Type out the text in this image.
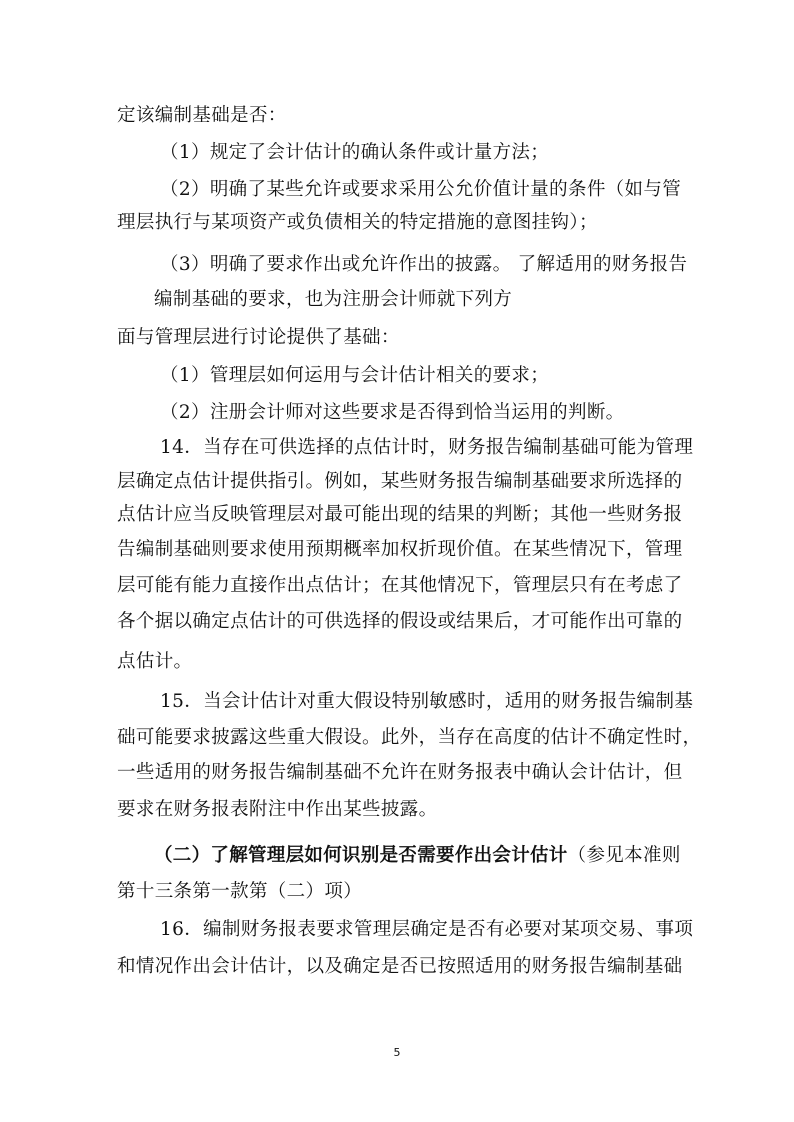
定该编制基础是否：
（1）规定了会计估计的确认条件或计量方法；
（2）明确了某些允许或要求采用公允价值计量的条件（如与管
理层执行与某项资产或负债相关的特定措施的意图挂钩）；
（3）明确了要求作出或允许作出的披露。 了解适用的财务报告
编制基础的要求，也为注册会计师就下列方
面与管理层进行讨论提供了基础：
（1）管理层如何运用与会计估计相关的要求；
（2）注册会计师对这些要求是否得到恰当运用的判断。
14．当存在可供选择的点估计时，财务报告编制基础可能为管理
层确定点估计提供指引。例如，某些财务报告编制基础要求所选择的
点估计应当反映管理层对最可能出现的结果的判断；其他一些财务报
告编制基础则要求使用预期概率加权折现价值。在某些情况下，管理
层可能有能力直接作出点估计；在其他情况下，管理层只有在考虑了
各个据以确定点估计的可供选择的假设或结果后，才可能作出可靠的
点估计。
15．当会计估计对重大假设特别敏感时，适用的财务报告编制基
础可能要求披露这些重大假设。此外，当存在高度的估计不确定性时，
一些适用的财务报告编制基础不允许在财务报表中确认会计估计，但
要求在财务报表附注中作出某些披露。
（二）了解管理层如何识别是否需要作出会计估计（参见本准则
第十三条第一款第（二）项）
16．编制财务报表要求管理层确定是否有必要对某项交易、事项
和情况作出会计估计，以及确定是否已按照适用的财务报告编制基础
5
